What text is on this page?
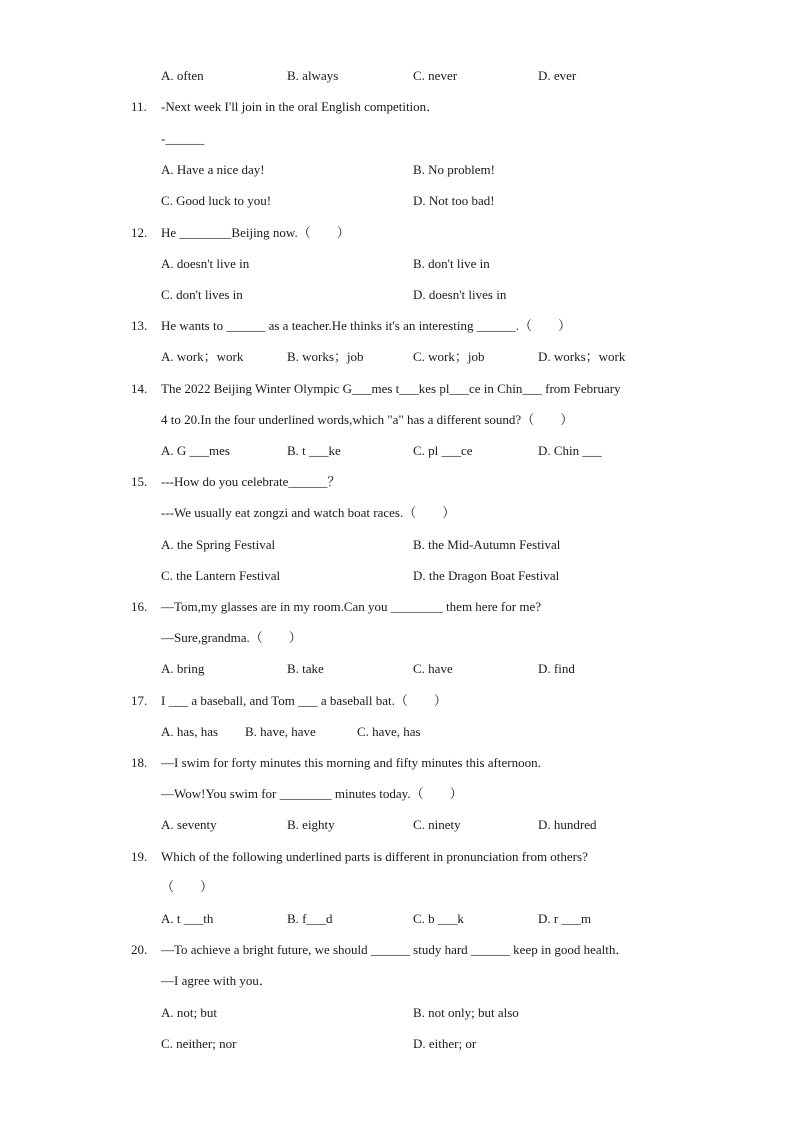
A. often	B. always	C. never	D. ever
11.	-Next week I'll join in the oral English competition．
-______
A. Have a nice day!	B. No problem!
C. Good luck to you!	D. Not too bad!
12.	He ________Beijing now.（　　）
A. doesn't live in	B. don't live in
C. don't lives in	D. doesn't lives in
13.	He wants to ______ as a teacher.He thinks it's an interesting ______.（　　）
A. work；work	B. works；job	C. work；job	D. works；work
14.	The 2022 Beijing Winter Olympic G___mes t___kes pl___ce in Chin___ from February
4 to 20.In the four underlined words,which "a" has a different sound?（　　）
A. G ___mes	B. t ___ke	C. pl ___ce	D. Chin ___
15.	---How do you celebrate______？
---We usually eat zongzi and watch boat races.（　　）
A. the Spring Festival	B. the Mid-Autumn Festival
C. the Lantern Festival	D. the Dragon Boat Festival
16.	—Tom,my glasses are in my room.Can you ________ them here for me?
—Sure,grandma.（　　）
A. bring	B. take	C. have	D. find
17.	I ___ a baseball, and Tom ___ a baseball bat.（　　）
A. has, has B. have, have	C. have, has
18.	—I swim for forty minutes this morning and fifty minutes this afternoon.
—Wow!You swim for ________ minutes today.（　　）
A. seventy	B. eighty	C. ninety	D. hundred
19.	Which of the following underlined parts is different in pronunciation from others?
（　　）
A. t ___th	B. f___d	C. b ___k	D. r ___m
20.	—To achieve a bright future, we should ______ study hard ______ keep in good health．
—I agree with you．
A. not; but	B. not only; but also
C. neither; nor	D. either; or
